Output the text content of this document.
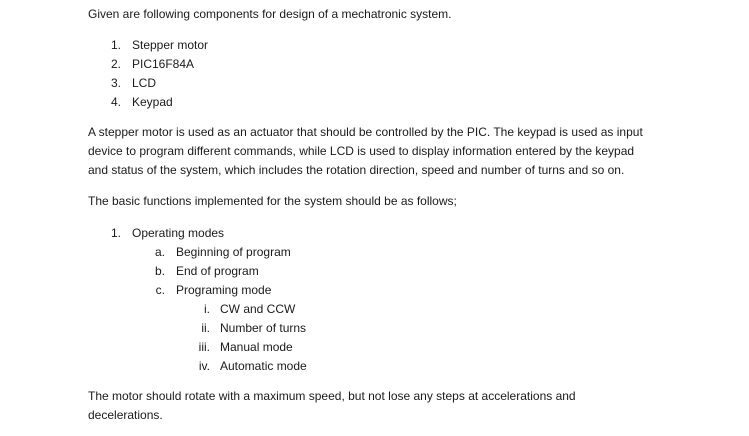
Given are following components for design of a mechatronic system.
1. Stepper motor
2. PIC16F84A
3. LCD
4. Keypad
A stepper motor is used as an actuator that should be controlled by the PIC. The keypad is used as input
device to program different commands, while LCD is used to display information entered by the keypad
and status of the system, which includes the rotation direction, speed and number of turns and so on.
The basic functions implemented for the system should be as follows;
1. Operating modes
a. Beginning of program
b. End of program
c. Programing mode
i. CW and CCW
ii. Number of turns
iii. Manual mode
iv. Automatic mode
The motor should rotate with a maximum speed, but not lose any steps at accelerations and
decelerations.
